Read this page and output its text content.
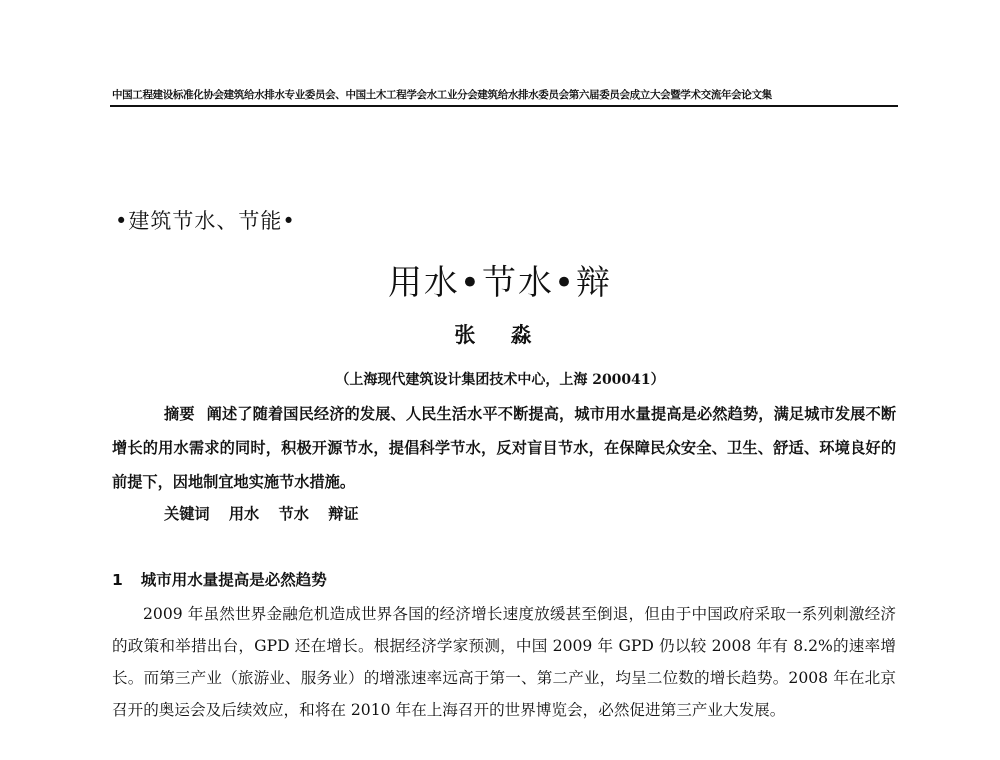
中国工程建设标准化协会建筑给水排水专业委员会、中国土木工程学会水工业分会建筑给水排水委员会第六届委员会成立大会暨学术交流年会论文集
•建筑节水、节能•
用水•节水•辩
张 淼
（上海现代建筑设计集团技术中心，上海 200041）
摘要 阐述了随着国民经济的发展、人民生活水平不断提高，城市用水量提高是必然趋势，满足城市发展不断增长的用水需求的同时，积极开源节水，提倡科学节水，反对盲目节水，在保障民众安全、卫生、舒适、环境良好的前提下，因地制宜地实施节水措施。
关键词 用水 节水 辩证
1 城市用水量提高是必然趋势
2009 年虽然世界金融危机造成世界各国的经济增长速度放缓甚至倒退，但由于中国政府采取一系列刺激经济的政策和举措出台，GPD 还在增长。根据经济学家预测，中国 2009 年 GPD 仍以较 2008 年有 8.2%的速率增长。而第三产业（旅游业、服务业）的增涨速率远高于第一、第二产业，均呈二位数的增长趋势。2008 年在北京召开的奥运会及后续效应，和将在 2010 年在上海召开的世界博览会，必然促进第三产业大发展。
